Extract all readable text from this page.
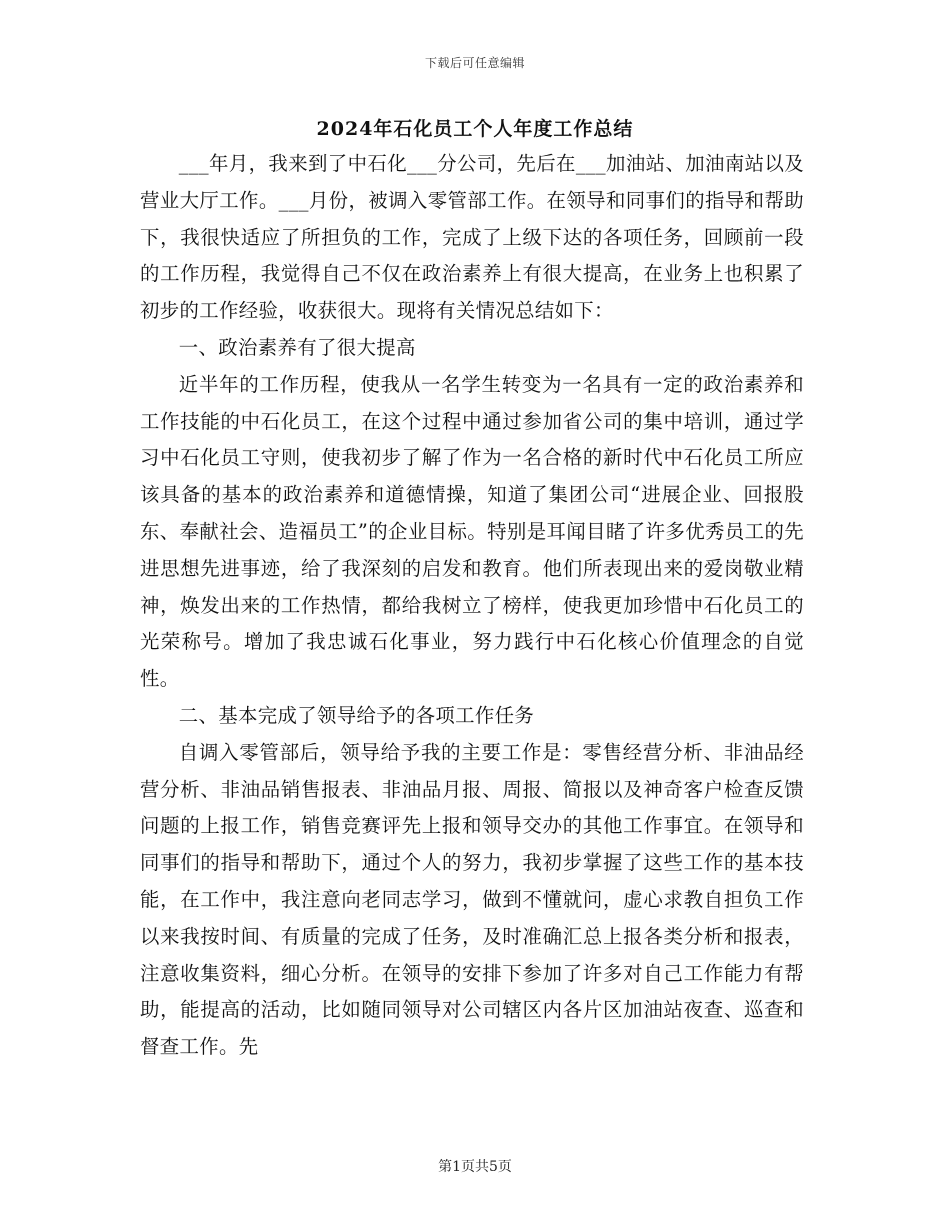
下载后可任意编辑
2024年石化员工个人年度工作总结

___年月，我来到了中石化___分公司，先后在___加油站、加油南站以及营业大厅工作。___月份，被调入零管部工作。在领导和同事们的指导和帮助下，我很快适应了所担负的工作，完成了上级下达的各项任务，回顾前一段的工作历程，我觉得自己不仅在政治素养上有很大提高，在业务上也积累了初步的工作经验，收获很大。现将有关情况总结如下：

一、政治素养有了很大提高

近半年的工作历程，使我从一名学生转变为一名具有一定的政治素养和工作技能的中石化员工，在这个过程中通过参加省公司的集中培训，通过学习中石化员工守则，使我初步了解了作为一名合格的新时代中石化员工所应该具备的基本的政治素养和道德情操，知道了集团公司“进展企业、回报股东、奉献社会、造福员工”的企业目标。特别是耳闻目睹了许多优秀员工的先进思想先进事迹，给了我深刻的启发和教育。他们所表现出来的爱岗敬业精神，焕发出来的工作热情，都给我树立了榜样，使我更加珍惜中石化员工的光荣称号。增加了我忠诚石化事业，努力践行中石化核心价值理念的自觉性。

二、基本完成了领导给予的各项工作任务

自调入零管部后，领导给予我的主要工作是：零售经营分析、非油品经营分析、非油品销售报表、非油品月报、周报、简报以及神奇客户检查反馈问题的上报工作，销售竞赛评先上报和领导交办的其他工作事宜。在领导和同事们的指导和帮助下，通过个人的努力，我初步掌握了这些工作的基本技能，在工作中，我注意向老同志学习，做到不懂就问，虚心求教自担负工作以来我按时间、有质量的完成了任务，及时准确汇总上报各类分析和报表，注意收集资料，细心分析。在领导的安排下参加了许多对自己工作能力有帮助，能提高的活动，比如随同领导对公司辖区内各片区加油站夜查、巡查和督查工作。先

第1页共5页
